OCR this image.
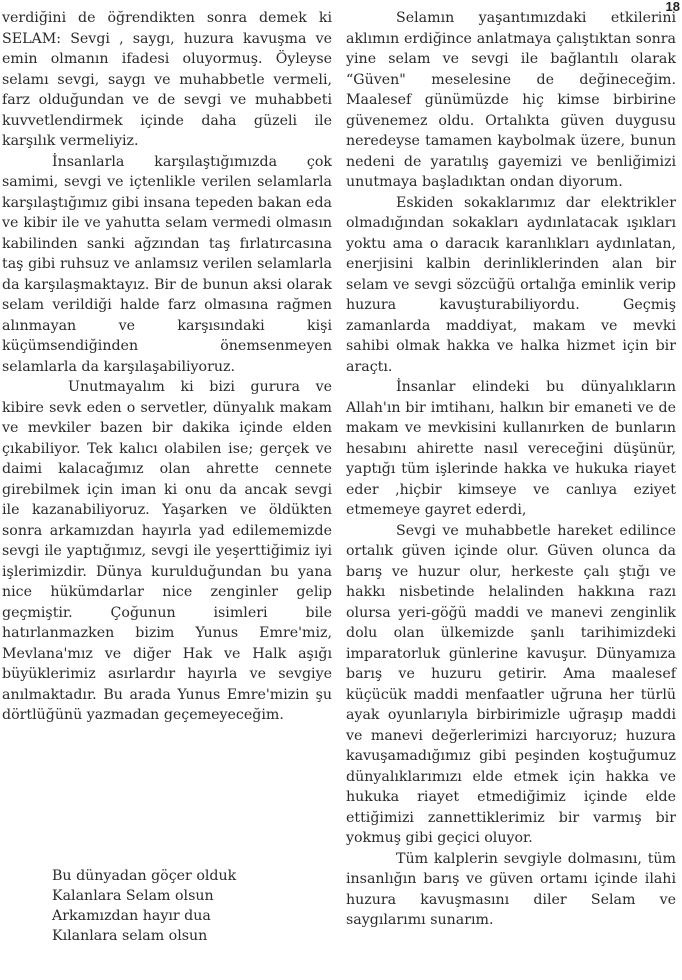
18

verdiğini de öğrendikten sonra demek ki SELAM: Sevgi , saygı, huzura kavuşma ve emin olmanın ifadesi oluyormuş. Öyleyse selamı sevgi, saygı ve muhabbetle vermeli, farz olduğundan ve de sevgi ve muhabbeti kuvvetlendirmek içinde daha güzeli ile karşılık vermeliyiz.

İnsanlarla karşılaştığımızda çok samimi, sevgi ve içtenlikle verilen selamlarla karşılaştığımız gibi insana tepeden bakan eda ve kibir ile ve yahutta selam vermedi olmasın kabilinden sanki ağzından taş fırlatırcasına taş gibi ruhsuz ve anlamsız verilen selamlarla da karşılaşmaktayız. Bir de bunun aksi olarak selam verildiği halde farz olmasına rağmen alınmayan ve karşısındaki kişi küçümsendiğinden önemsenmeyen selamlarla da karşılaşabiliyoruz.

Unutmayalım ki bizi gurura ve kibire sevk eden o servetler, dünyalık makam ve mevkiler bazen bir dakika içinde elden çıkabiliyor. Tek kalıcı olabilen ise; gerçek ve daimi kalacağımız olan ahrette cennete girebilmek için iman ki onu da ancak sevgi ile kazanabiliyoruz. Yaşarken ve öldükten sonra arkamızdan hayırla yad edilememizde sevgi ile yaptığımız, sevgi ile yeşerttiğimiz iyi işlerimizdir. Dünya kurulduğundan bu yana nice hükümdarlar nice zenginler gelip geçmiştir. Çoğunun isimleri bile hatırlanmazken bizim Yunus Emre'miz, Mevlana'mız ve diğer Hak ve Halk aşığı büyüklerimiz asırlardır hayırla ve sevgiye anılmaktadır. Bu arada Yunus Emre'mizin şu dörtlüğünü yazmadan geçemeyeceğim.

Bu dünyadan göçer olduk
Kalanlara Selam olsun
Arkamızdan hayır dua
Kılanlara selam olsun

Selamın yaşantımızdaki etkilerini aklımın erdiğince anlatmaya çalıştıktan sonra yine selam ve sevgi ile bağlantılı olarak “Güven" meselesine de değineceğim. Maalesef günümüzde hiç kimse birbirine güvenemez oldu. Ortalıkta güven duygusu neredeyse tamamen kaybolmak üzere, bunun nedeni de yaratılış gayemizi ve benliğimizi unutmaya başladıktan ondan diyorum.

Eskiden sokaklarımız dar elektrikler olmadığından sokakları aydınlatacak ışıkları yoktu ama o daracık karanlıkları aydınlatan, enerjisini kalbin derinliklerinden alan bir selam ve sevgi sözcüğü ortalığa eminlik verip huzura kavuşturabiliyordu. Geçmiş zamanlarda maddiyat, makam ve mevki sahibi olmak hakka ve halka hizmet için bir araçtı.

İnsanlar elindeki bu dünyalıkların Allah'ın bir imtihanı, halkın bir emaneti ve de makam ve mevkisini kullanırken de bunların hesabını ahirette nasıl vereceğini düşünür, yaptığı tüm işlerinde hakka ve hukuka riayet eder ,hiçbir kimseye ve canlıya eziyet etmemeye gayret ederdi,

Sevgi ve muhabbetle hareket edilince ortalık güven içinde olur. Güven olunca da barış ve huzur olur, herkeste çalı ştığı ve hakkı nisbetinde helalinden hakkına razı olursa yeri-göğü maddi ve manevi zenginlik dolu olan ülkemizde şanlı tarihimizdeki imparatorluk günlerine kavuşur. Dünyamıza barış ve huzuru getirir. Ama maalesef küçücük maddi menfaatler uğruna her türlü ayak oyunlarıyla birbirimizle uğraşıp maddi ve manevi değerlerimizi harcıyoruz; huzura kavuşamadığımız gibi peşinden koştuğumuz dünyalıklarımızı elde etmek için hakka ve hukuka riayet etmediğimiz içinde elde ettiğimizi zannettiklerimiz bir varmış bir yokmuş gibi geçici oluyor.

Tüm kalplerin sevgiyle dolmasını, tüm insanlığın barış ve güven ortamı içinde ilahi huzura kavuşmasını diler Selam ve saygılarımı sunarım.
